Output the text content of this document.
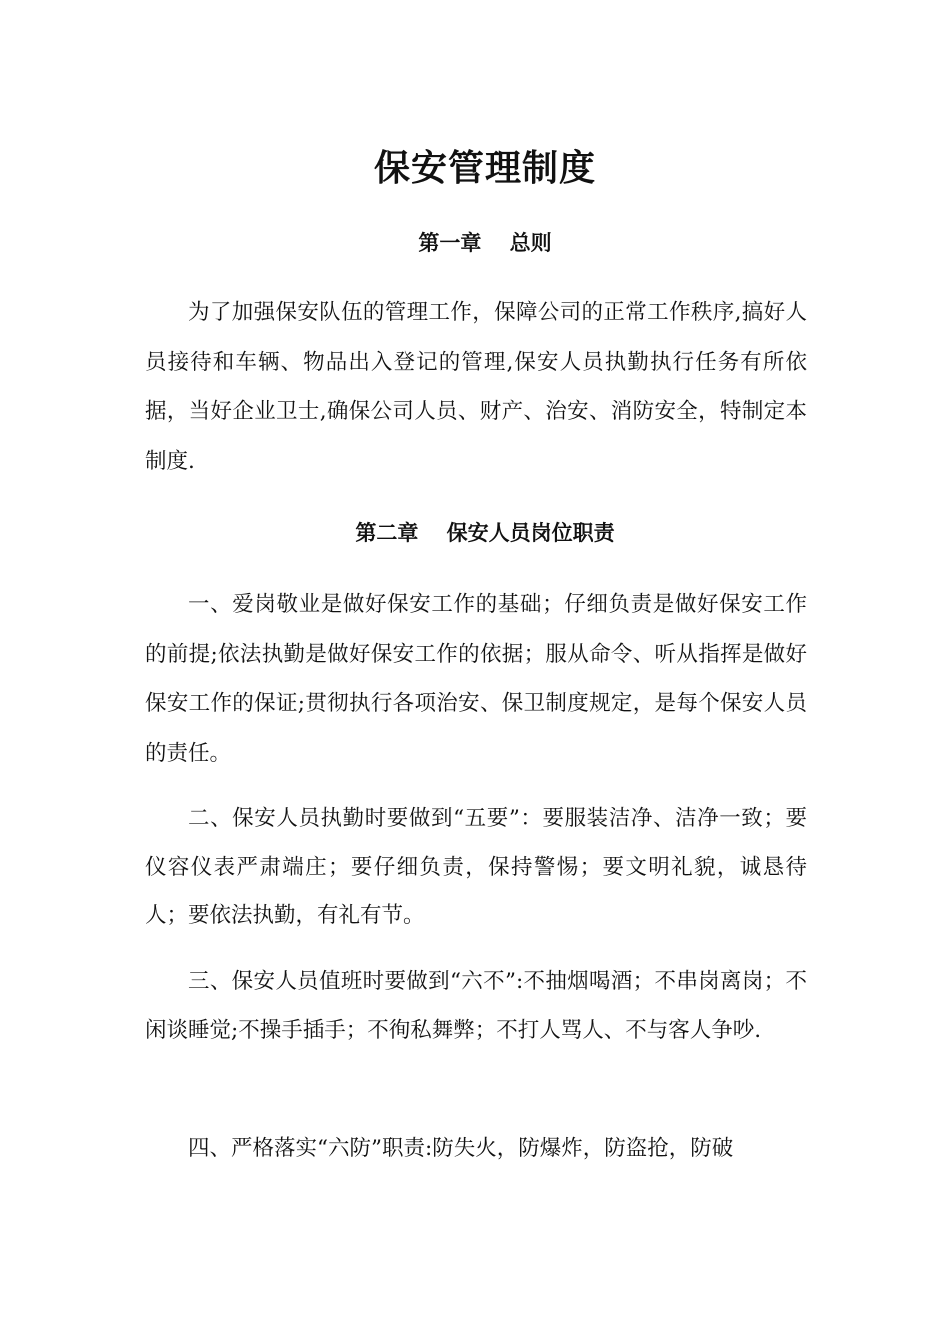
保安管理制度
第一章　 总则
为了加强保安队伍的管理工作，保障公司的正常工作秩序,搞好人员接待和车辆、物品出入登记的管理,保安人员执勤执行任务有所依据，当好企业卫士,确保公司人员、财产、治安、消防安全，特制定本制度.
第二章　 保安人员岗位职责
一、爱岗敬业是做好保安工作的基础；仔细负责是做好保安工作的前提;依法执勤是做好保安工作的依据；服从命令、听从指挥是做好保安工作的保证;贯彻执行各项治安、保卫制度规定，是每个保安人员的责任。
二、保安人员执勤时要做到“五要”：要服装洁净、洁净一致；要仪容仪表严肃端庄；要仔细负责，保持警惕；要文明礼貌，诚恳待人；要依法执勤，有礼有节。
三、保安人员值班时要做到“六不”:不抽烟喝酒；不串岗离岗；不闲谈睡觉;不操手插手；不徇私舞弊；不打人骂人、不与客人争吵.
四、严格落实“六防”职责:防失火，防爆炸，防盗抢，防破
